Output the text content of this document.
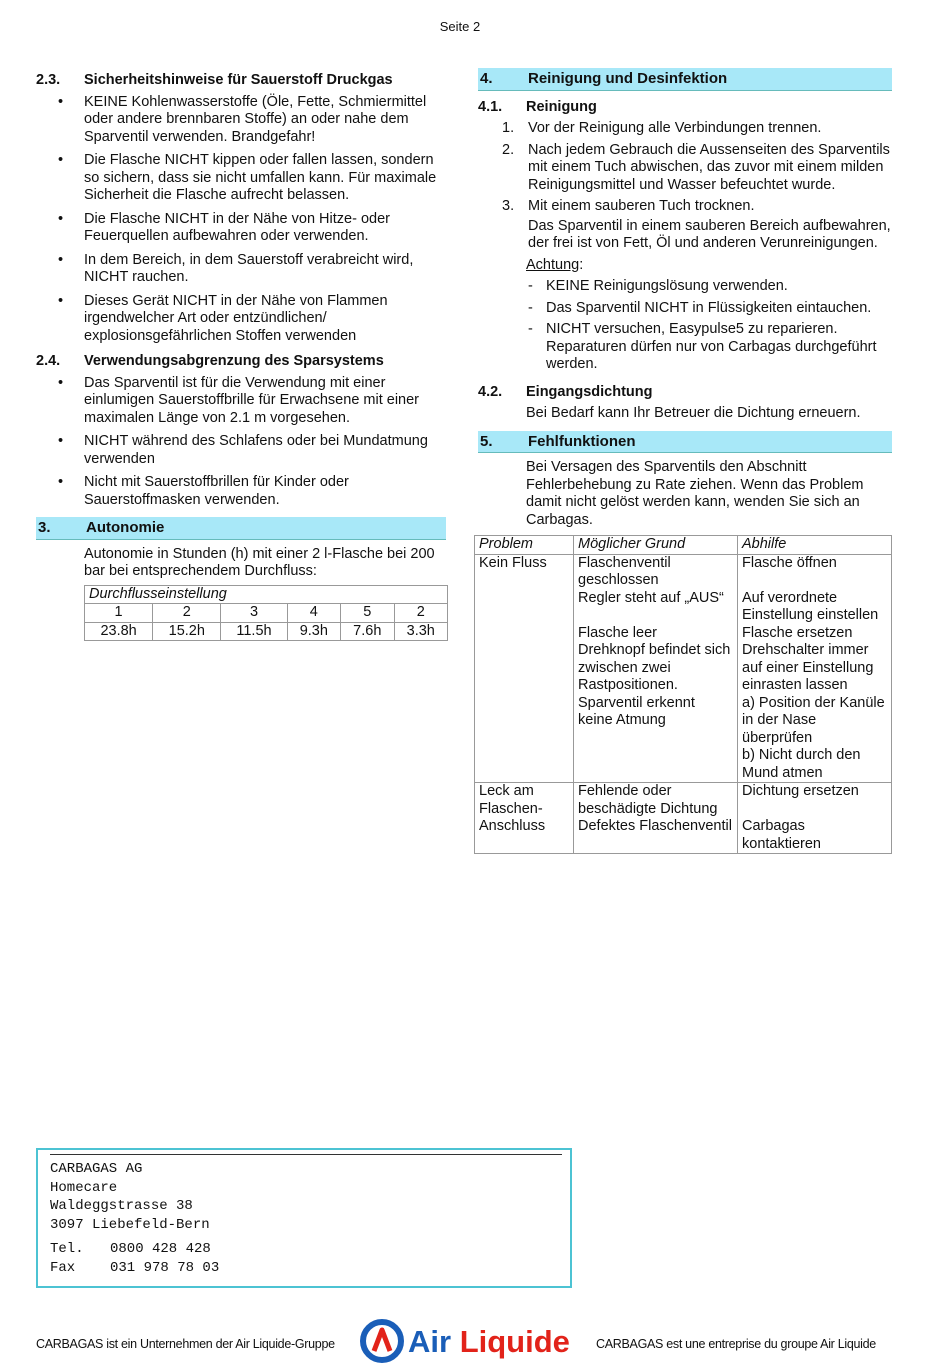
Seite 2
2.3.	Sicherheitshinweise für Sauerstoff Druckgas
• KEINE Kohlenwasserstoffe (Öle, Fette, Schmiermittel oder andere brennbaren Stoffe) an oder nahe dem Sparventil verwenden. Brandgefahr!
• Die Flasche NICHT kippen oder fallen lassen, sondern so sichern, dass sie nicht umfallen kann. Für maximale Sicherheit die Flasche aufrecht belassen.
• Die Flasche NICHT in der Nähe von Hitze- oder Feuerquellen aufbewahren oder verwenden.
• In dem Bereich, in dem Sauerstoff verabreicht wird, NICHT rauchen.
• Dieses Gerät NICHT in der Nähe von Flammen irgendwelcher Art oder entzündlichen/ explosionsgefährlichen Stoffen verwenden
2.4.	Verwendungsabgrenzung des Sparsystems
• Das Sparventil ist für die Verwendung mit einer einlumigen Sauerstoffbrille für Erwachsene mit einer maximalen Länge von 2.1 m vorgesehen.
• NICHT während des Schlafens oder bei Mundatmung verwenden
• Nicht mit Sauerstoffbrillen für Kinder oder Sauerstoffmasken verwenden.
3.	Autonomie
Autonomie in Stunden (h) mit einer 2 l-Flasche bei 200 bar bei entsprechendem Durchfluss:
Durchflusseinstellung					
1	2	3	4	5	2
23.8h	15.2h	11.5h	9.3h	7.6h	3.3h
4.	Reinigung und Desinfektion
4.1.	Reinigung
1. Vor der Reinigung alle Verbindungen trennen.
2. Nach jedem Gebrauch die Aussenseiten des Sparventils mit einem Tuch abwischen, das zuvor mit einem milden Reinigungsmittel und Wasser befeuchtet wurde.
3. Mit einem sauberen Tuch trocknen.
Das Sparventil in einem sauberen Bereich aufbewahren, der frei ist von Fett, Öl und anderen Verunreinigungen.
Achtung:
- KEINE Reinigungslösung verwenden.
- Das Sparventil NICHT in Flüssigkeiten eintauchen.
- NICHT versuchen, Easypulse5 zu reparieren. Reparaturen dürfen nur von Carbagas durchgeführt werden.
4.2.	Eingangsdichtung
Bei Bedarf kann Ihr Betreuer die Dichtung erneuern.
5.	Fehlfunktionen
Bei Versagen des Sparventils den Abschnitt Fehlerbehebung zu Rate ziehen. Wenn das Problem damit nicht gelöst werden kann, wenden Sie sich an Carbagas.
Problem	Möglicher Grund	Abhilfe
Kein Fluss	Flaschenventil geschlossen	Flasche öffnen
	Regler steht auf „AUS“	Auf verordnete Einstellung einstellen
	Flasche leer	Flasche ersetzen
	Drehknopf befindet sich zwischen zwei Rastpositionen.	Drehschalter immer auf einer Einstellung einrasten lassen
	Sparventil erkennt keine Atmung	a) Position der Kanüle in der Nase überprüfen
b) Nicht durch den Mund atmen

Leck am Flaschen-Anschluss	Fehlende oder beschädigte Dichtung	Dichtung ersetzen
	Defektes Flaschenventil	Carbagas kontaktieren
CARBAGAS AG
Homecare
Waldeggstrasse 38
3097 Liebefeld-Bern
Tel.	0800 428 428
Fax	031 978 78 03
CARBAGAS ist ein Unternehmen der Air Liquide-Gruppe Air Liquide CARBAGAS est une entreprise du groupe Air Liquide
